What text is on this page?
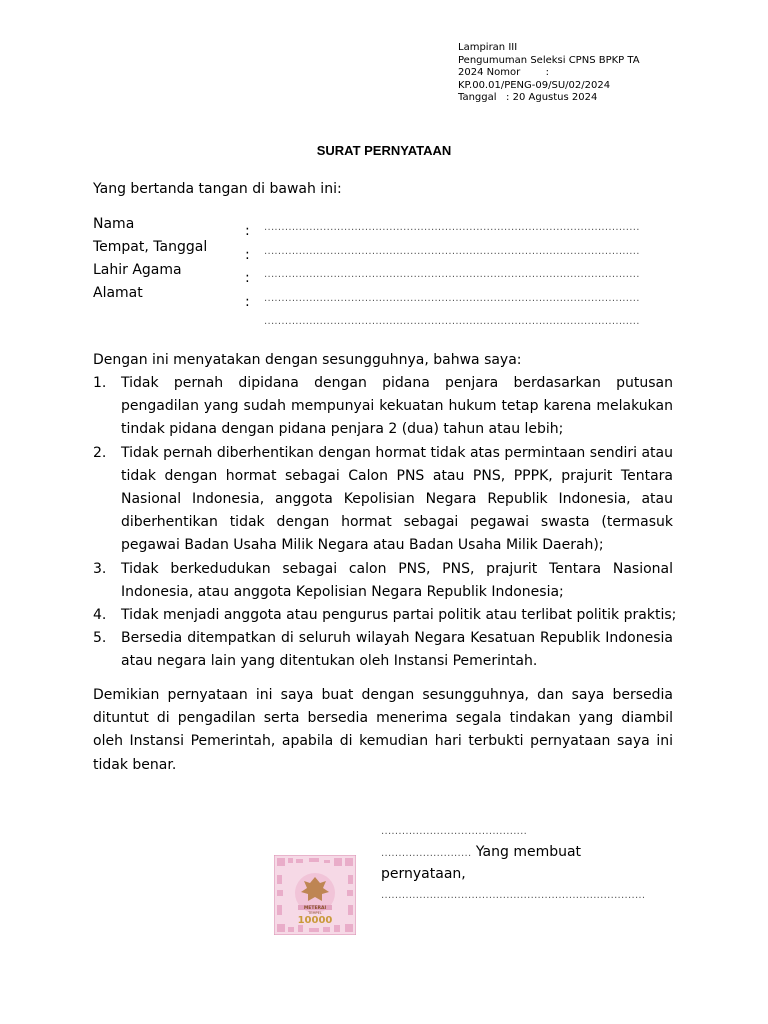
Lampiran III
Pengumuman Seleksi CPNS BPKP TA
2024 Nomor        :
KP.00.01/PENG-09/SU/02/2024
Tanggal   : 20 Agustus 2024
SURAT PERNYATAAN
Yang bertanda tangan di bawah ini:
Nama
Tempat, Tanggal
Lahir Agama
Alamat
:
:
:
:
............................................................................................................
............................................................................................................
............................................................................................................
............................................................................................................
............................................................................................................
Dengan ini menyatakan dengan sesungguhnya, bahwa saya:
1. Tidak pernah dipidana dengan pidana penjara berdasarkan putusan pengadilan yang sudah mempunyai kekuatan hukum tetap karena melakukan tindak pidana dengan pidana penjara 2 (dua) tahun atau lebih;
2. Tidak pernah diberhentikan dengan hormat tidak atas permintaan sendiri atau tidak dengan hormat sebagai Calon PNS atau PNS, PPPK, prajurit Tentara Nasional Indonesia, anggota Kepolisian Negara Republik Indonesia, atau diberhentikan tidak dengan hormat sebagai pegawai swasta (termasuk pegawai Badan Usaha Milik Negara atau Badan Usaha Milik Daerah);
3. Tidak berkedudukan sebagai calon PNS, PNS, prajurit Tentara Nasional Indonesia, atau anggota Kepolisian Negara Republik Indonesia;
4. Tidak menjadi anggota atau pengurus partai politik atau terlibat politik praktis;
5. Bersedia ditempatkan di seluruh wilayah Negara Kesatuan Republik Indonesia atau negara lain yang ditentukan oleh Instansi Pemerintah.
Demikian pernyataan ini saya buat dengan sesungguhnya, dan saya bersedia dituntut di pengadilan serta bersedia menerima segala tindakan yang diambil oleh Instansi Pemerintah, apabila di kemudian hari terbukti pernyataan saya ini tidak benar.
METERAI
TEMPEL
10000
..........................................
.......................... Yang membuat
pernyataan,
............................................................................
